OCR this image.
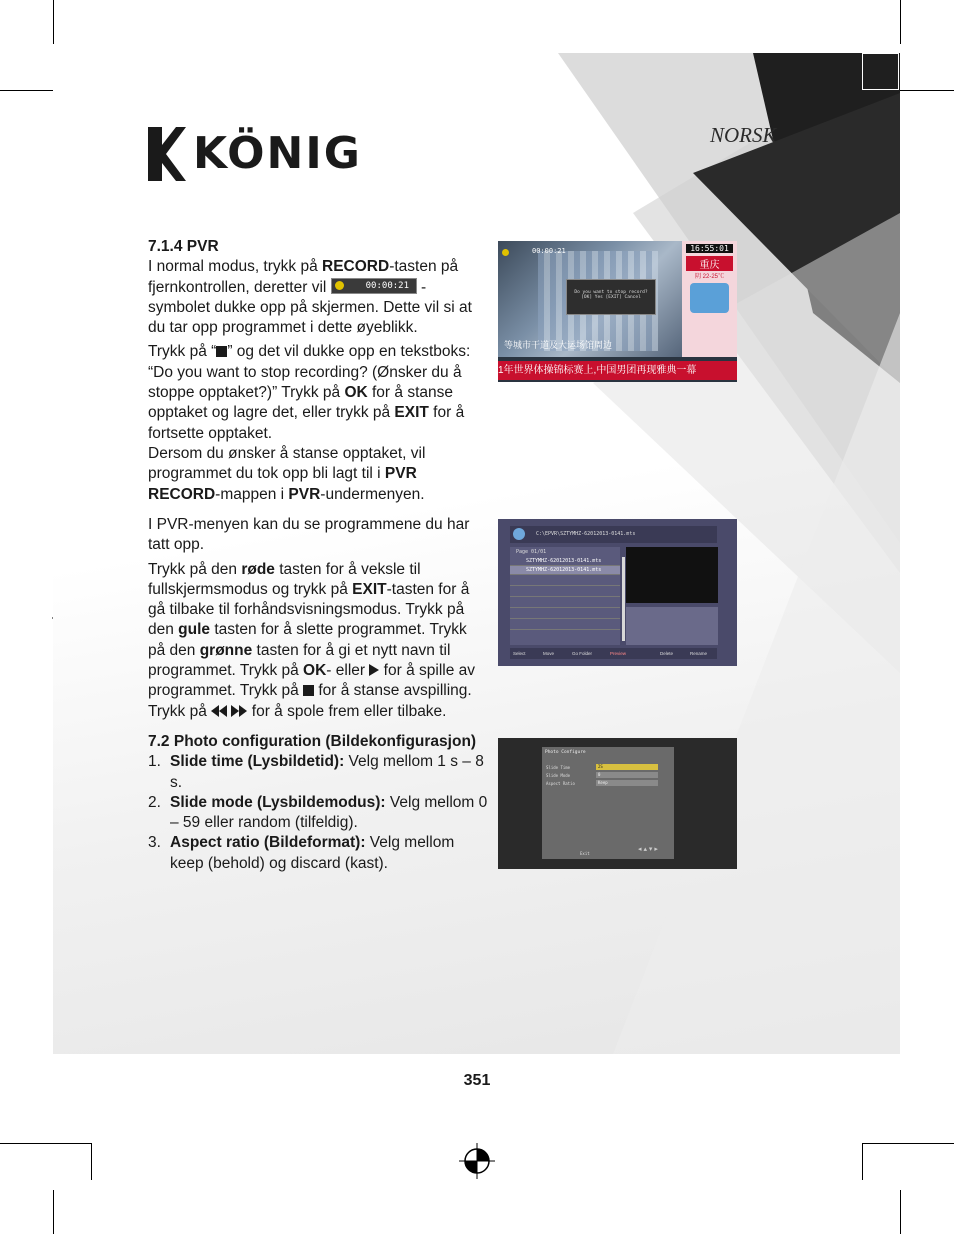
KÖNIG	NORSK

7.1.4 PVR

I normal modus, trykk på RECORD-tasten på fjernkontrollen, deretter vil	00:00:21 -symbolet dukke opp på skjermen. Dette vil si at du tar opp programmet i dette øyeblikk.

Trykk på “ ” og det vil dukke opp en tekstboks: “Do you want to stop recording? (Ønsker du å stoppe opptaket?)” Trykk på OK for å stanse opptaket og lagre det, eller trykk på EXIT for å fortsette opptaket.

Dersom du ønsker å stanse opptaket, vil programmet du tok opp bli lagt til i PVR RECORD-mappen i PVR-undermenyen.

I PVR-menyen kan du se programmene du har tatt opp.

Trykk på den røde tasten for å veksle til fullskjermsmodus og trykk på EXIT-tasten for å gå tilbake til forhåndsvisningsmodus. Trykk på den gule tasten for å slette programmet. Trykk på den grønne tasten for å gi et nytt navn til programmet. Trykk på OK- eller  for å spille av programmet. Trykk på  for å stanse avspilling. Trykk på   for å spole frem eller tilbake.

7.2 Photo configuration (Bildekonfigurasjon)

1. Slide time (Lysbildetid): Velg mellom 1 s – 8 s.
2. Slide mode (Lysbildemodus): Velg mellom 0 – 59 eller random (tilfeldig).
3. Aspect ratio (Bildeformat): Velg mellom keep (behold) og discard (kast).
00:00:21
Do you want to stop record?
[OK] Yes [EXIT] Cancel
等城市干道及大运场馆周边
16:55:01
重庆
阴 22-25℃
1年世界体操锦标赛上,中国男团再现雅典一幕
C:\EPVR\SZTYMHZ-62012013-0141.mts
Page 01/01
SZTYMHZ-62012013-0141.mts
SZTYMHZ-62012013-0141.mts
Select	Move	Go Folder	Preview	Delete	Rename
Photo Configure
Slide Time	2S
Slide Mode	0
Aspect Ratio	Keep
Exit
◂ ▴ ▾ ▸
351
